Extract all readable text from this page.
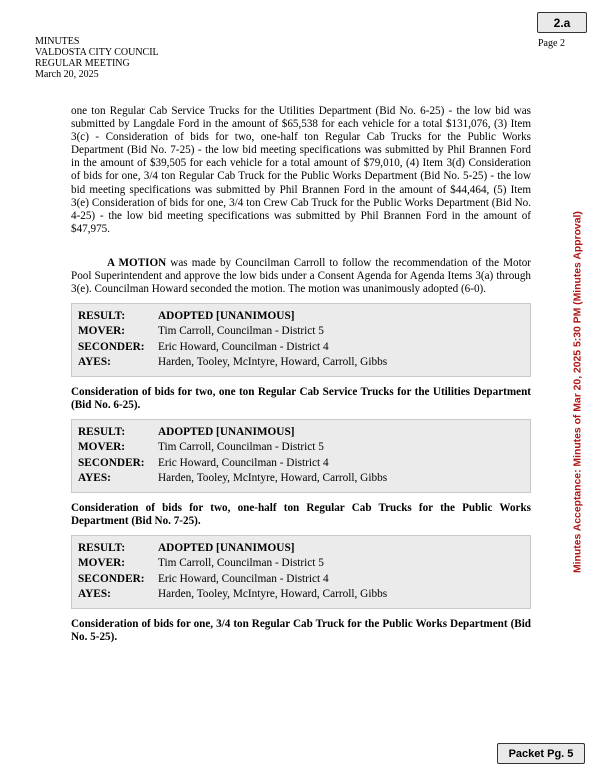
2.a
MINUTES
VALDOSTA CITY COUNCIL
REGULAR MEETING
March 20, 2025
Page 2
Minutes Acceptance: Minutes of Mar 20, 2025 5:30 PM (Minutes Approval)

one ton Regular Cab Service Trucks for the Utilities Department (Bid No. 6-25) - the low bid was submitted by Langdale Ford in the amount of $65,538 for each vehicle for a total $131,076, (3) Item 3(c) - Consideration of bids for two, one-half ton Regular Cab Trucks for the Public Works Department (Bid No. 7-25) - the low bid meeting specifications was submitted by Phil Brannen Ford in the amount of $39,505 for each vehicle for a total amount of $79,010, (4) Item 3(d) Consideration of bids for one, 3/4 ton Regular Cab Truck for the Public Works Department (Bid No. 5-25) - the low bid meeting specifications was submitted by Phil Brannen Ford in the amount of $44,464, (5) Item 3(e) Consideration of bids for one, 3/4 ton Crew Cab Truck for the Public Works Department (Bid No. 4-25) - the low bid meeting specifications was submitted by Phil Brannen Ford in the amount of $47,975.

A MOTION was made by Councilman Carroll to follow the recommendation of the Motor Pool Superintendent and approve the low bids under a Consent Agenda for Agenda Items 3(a) through 3(e). Councilman Howard seconded the motion. The motion was unanimously adopted (6-0).

RESULT:	ADOPTED [UNANIMOUS]
MOVER:	Tim Carroll, Councilman - District 5
SECONDER:	Eric Howard, Councilman - District 4
AYES:	Harden, Tooley, McIntyre, Howard, Carroll, Gibbs
Consideration of bids for two, one ton Regular Cab Service Trucks for the Utilities Department (Bid No. 6-25).
RESULT:	ADOPTED [UNANIMOUS]
MOVER:	Tim Carroll, Councilman - District 5
SECONDER:	Eric Howard, Councilman - District 4
AYES:	Harden, Tooley, McIntyre, Howard, Carroll, Gibbs
Consideration of bids for two, one-half ton Regular Cab Trucks for the Public Works Department (Bid No. 7-25).
RESULT:	ADOPTED [UNANIMOUS]
MOVER:	Tim Carroll, Councilman - District 5
SECONDER:	Eric Howard, Councilman - District 4
AYES:	Harden, Tooley, McIntyre, Howard, Carroll, Gibbs
Consideration of bids for one, 3/4 ton Regular Cab Truck for the Public Works Department (Bid No. 5-25).
Packet Pg. 5
